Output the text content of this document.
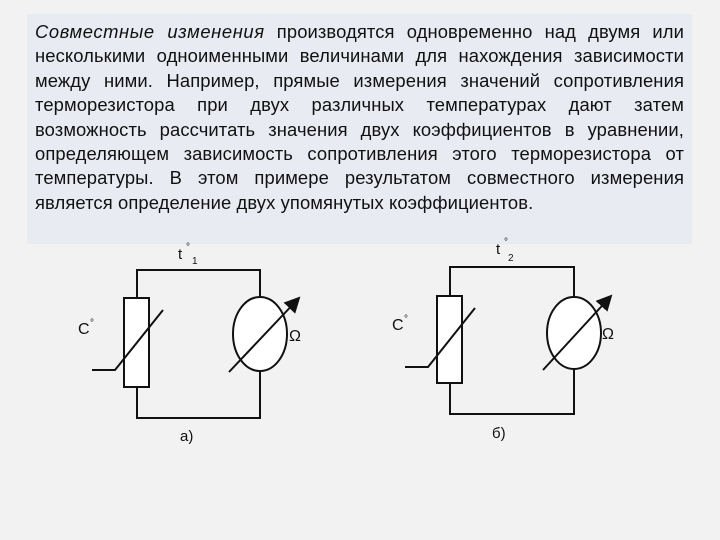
Совместные изменения производятся одновременно над двумя или несколькими одноименными величинами для нахождения зависимости между ними. Например, прямые измерения значений сопротивления терморезистора при двух различных температурах дают затем возможность рассчитать значения двух коэффициентов в уравнении, определяющем зависимость сопротивления этого терморезистора от температуры. В этом примере результатом совместного измерения является определение двух упомянутых коэффициентов.
t °
1
C °
Ω
а)
t °
2
C °
Ω
б)
